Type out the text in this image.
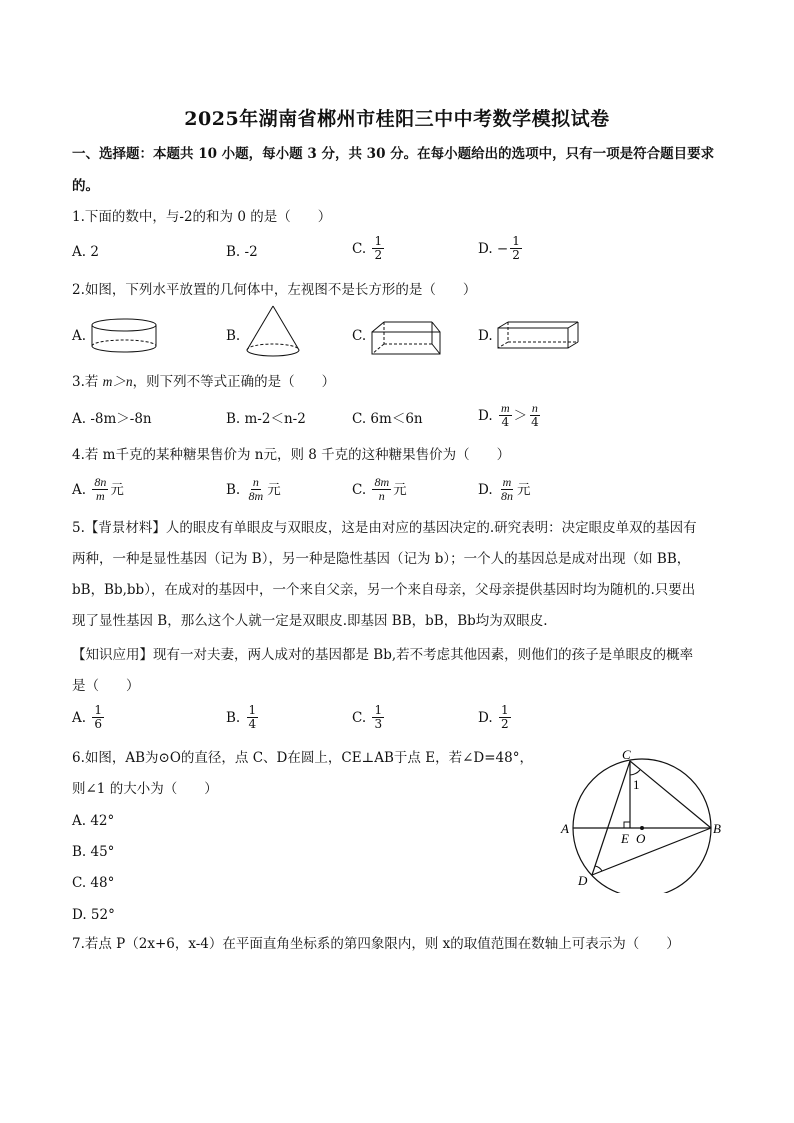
2025年湖南省郴州市桂阳三中中考数学模拟试卷
一、选择题：本题共 10 小题，每小题 3 分，共 30 分。在每小题给出的选项中，只有一项是符合题目要求
的。
1.下面的数中，与-2的和为 0 的是（　　）
A. 2	B. -2	C.
$\frac{1}{2}$	D. − $\frac{1}{2}$
2.如图，下列水平放置的几何体中，左视图不是长方形的是（　　）
A.	B.	C.	D.
3.若 m＞n，则下列不等式正确的是（　　）
A. -8m＞-8n	B. m-2＜n-2	C. 6m＜6n	D.
$\frac{m}{4} > \frac{n}{4}$
4.若 m千克的某种糖果售价为 n元，则 8 千克的这种糖果售价为（　　）
A.
$\frac{8n}{m}$ 元	B.
$\frac{n}{8m}$ 元	C.
$\frac{8m}{n}$ 元	D.
$\frac{m}{8n}$ 元
5.【背景材料】人的眼皮有单眼皮与双眼皮，这是由对应的基因决定的.研究表明：决定眼皮单双的基因有
两种，一种是显性基因（记为 B），另一种是隐性基因（记为 b）；一个人的基因总是成对出现（如 BB，
bB，Bb,bb），在成对的基因中，一个来自父亲，另一个来自母亲，父母亲提供基因时均为随机的.只要出
现了显性基因 B，那么这个人就一定是双眼皮.即基因 BB，bB，Bb均为双眼皮.
【知识应用】现有一对夫妻，两人成对的基因都是 Bb,若不考虑其他因素，则他们的孩子是单眼皮的概率
是（　　）
A.
$\frac{1}{6}$	B.
$\frac{1}{4}$	C.
$\frac{1}{3}$	D.
$\frac{1}{2}$
6.如图，AB为⊙O的直径，点 C、D在圆上，CE⊥AB于点 E，若∠D=48°，
则∠1 的大小为（　　）
A. 42°
B. 45°
C. 48°
D. 52°
C
A	B
D
E O
1
7.若点 P（2x+6，x-4）在平面直角坐标系的第四象限内，则 x的取值范围在数轴上可表示为（　　）
